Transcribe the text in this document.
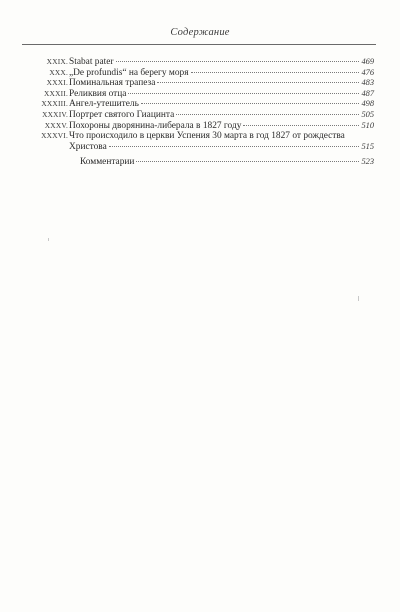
Содержание
XXIX. Stabat pater	469
XXX. „De profundis“ на берегу моря	476
XXXI. Поминальная трапеза	483
XXXII. Реликвия отца	487
XXXIII. Ангел-утешитель	498
XXXIV. Портрет святого Гиацинта	505
XXXV. Похороны дворянина-либерала в 1827 году	510
XXXVI. Что происходило в церкви Успения 30 марта в год 1827 от рождества
Христова	515
Комментарии	523
